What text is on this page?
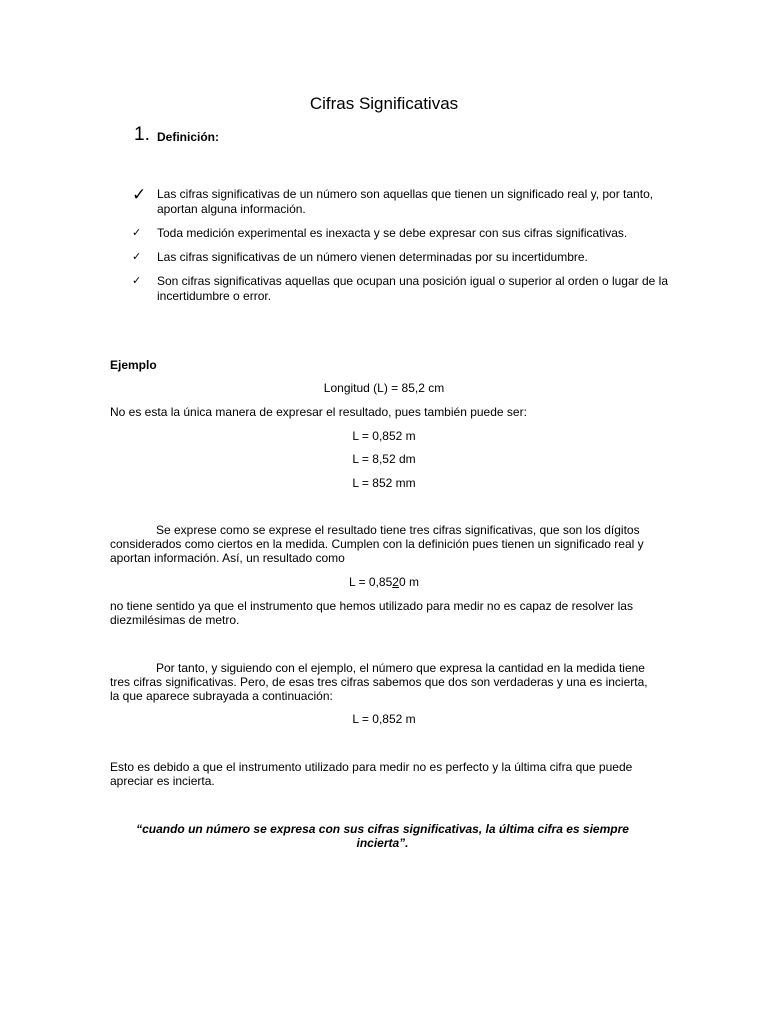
Cifras Significativas
1. Definición:
✓ Las cifras significativas de un número son aquellas que tienen un significado real y, por tanto, aportan alguna información.
✓	Toda medición experimental es inexacta y se debe expresar con sus cifras significativas.
✓	Las cifras significativas de un número vienen determinadas por su incertidumbre.
✓	Son cifras significativas aquellas que ocupan una posición igual o superior al orden o lugar de la incertidumbre o error.
Ejemplo
Longitud (L) = 85,2 cm
No es esta la única manera de expresar el resultado, pues también puede ser:
L = 0,852 m
L = 8,52 dm
L = 852 mm
Se exprese como se exprese el resultado tiene tres cifras significativas, que son los dígitos considerados como ciertos en la medida. Cumplen con la definición pues tienen un significado real y aportan información. Así, un resultado como
L = 0,8520 m
no tiene sentido ya que el instrumento que hemos utilizado para medir no es capaz de resolver las diezmilésimas de metro.
Por tanto, y siguiendo con el ejemplo, el número que expresa la cantidad en la medida tiene tres cifras significativas. Pero, de esas tres cifras sabemos que dos son verdaderas y una es incierta, la que aparece subrayada a continuación:
L = 0,852 m
Esto es debido a que el instrumento utilizado para medir no es perfecto y la última cifra que puede apreciar es incierta.
“cuando un número se expresa con sus cifras significativas, la última cifra es siempre incierta”.
